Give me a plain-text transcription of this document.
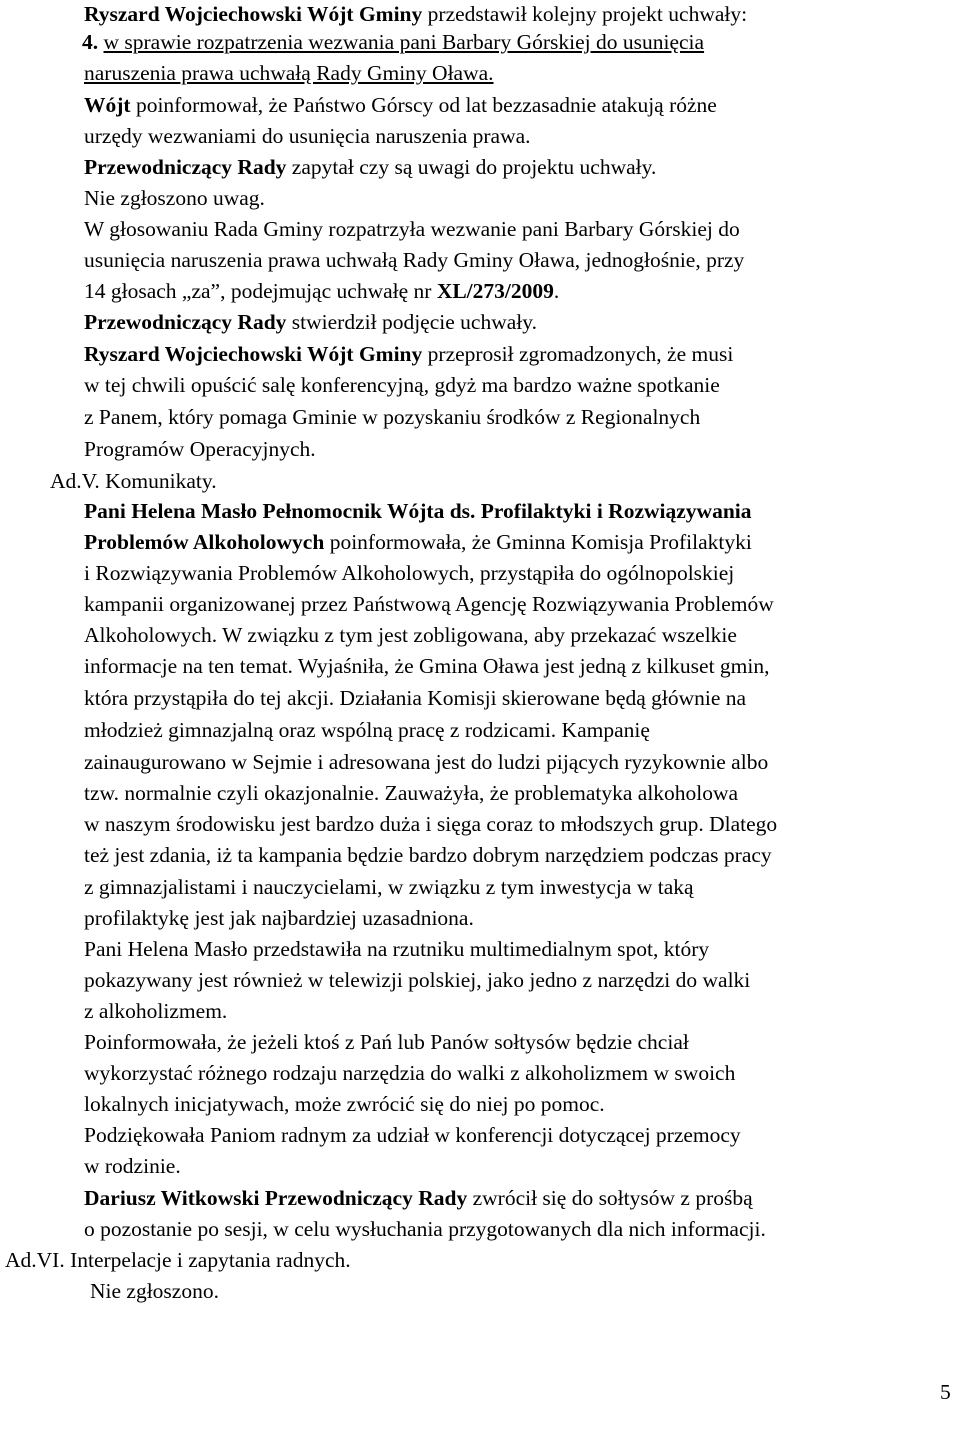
Ryszard Wojciechowski Wójt Gminy przedstawił kolejny projekt uchwały:

4. w sprawie rozpatrzenia wezwania pani Barbary Górskiej do usunięcia

naruszenia prawa uchwałą Rady Gminy Oława.

Wójt poinformował, że Państwo Górscy od lat bezzasadnie atakują różne

urzędy wezwaniami do usunięcia naruszenia prawa.

Przewodniczący Rady zapytał czy są uwagi do projektu uchwały.

Nie zgłoszono uwag.

W głosowaniu Rada Gminy rozpatrzyła wezwanie pani Barbary Górskiej do

usunięcia naruszenia prawa uchwałą Rady Gminy Oława, jednogłośnie, przy

14 głosach „za”, podejmując uchwałę nr XL/273/2009.

Przewodniczący Rady stwierdził podjęcie uchwały.

Ryszard Wojciechowski Wójt Gminy przeprosił zgromadzonych, że musi

w tej chwili opuścić salę konferencyjną, gdyż ma bardzo ważne spotkanie

z Panem, który pomaga Gminie w pozyskaniu środków z Regionalnych

Programów Operacyjnych.

Ad.V. Komunikaty.

Pani Helena Masło Pełnomocnik Wójta ds. Profilaktyki i Rozwiązywania

Problemów Alkoholowych poinformowała, że Gminna Komisja Profilaktyki

i Rozwiązywania Problemów Alkoholowych, przystąpiła do ogólnopolskiej

kampanii organizowanej przez Państwową Agencję Rozwiązywania Problemów

Alkoholowych. W związku z tym jest zobligowana, aby przekazać wszelkie

informacje na ten temat. Wyjaśniła, że Gmina Oława jest jedną z kilkuset gmin,

która przystąpiła do tej akcji. Działania Komisji skierowane będą głównie na

młodzież gimnazjalną oraz wspólną pracę z rodzicami. Kampanię

zainaugurowano w Sejmie i adresowana jest do ludzi pijących ryzykownie albo

tzw. normalnie czyli okazjonalnie. Zauważyła, że problematyka alkoholowa

w naszym środowisku jest bardzo duża i sięga coraz to młodszych grup. Dlatego

też jest zdania, iż ta kampania będzie bardzo dobrym narzędziem podczas pracy

z gimnazjalistami i nauczycielami, w związku z tym inwestycja w taką

profilaktykę jest jak najbardziej uzasadniona.

Pani Helena Masło przedstawiła na rzutniku multimedialnym spot, który

pokazywany jest również w telewizji polskiej, jako jedno z narzędzi do walki

z alkoholizmem.

Poinformowała, że jeżeli ktoś z Pań lub Panów sołtysów będzie chciał

wykorzystać różnego rodzaju narzędzia do walki z alkoholizmem w swoich

lokalnych inicjatywach, może zwrócić się do niej po pomoc.

Podziękowała Paniom radnym za udział w konferencji dotyczącej przemocy

w rodzinie.

Dariusz Witkowski Przewodniczący Rady zwrócił się do sołtysów z prośbą

o pozostanie po sesji, w celu wysłuchania przygotowanych dla nich informacji.

Ad.VI. Interpelacje i zapytania radnych.

Nie zgłoszono.

5
